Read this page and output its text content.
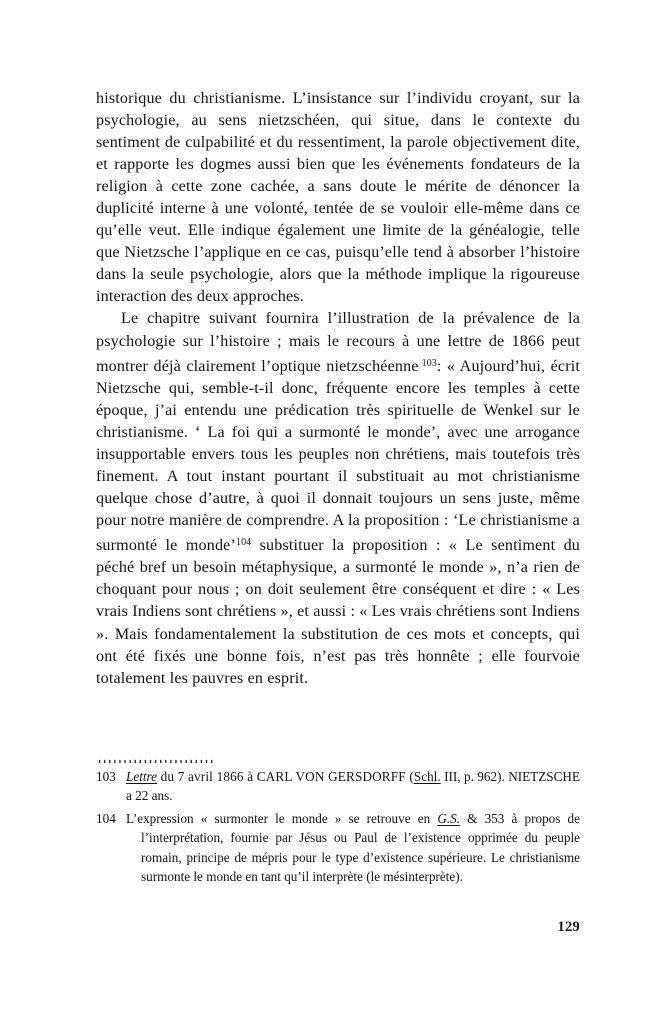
historique du christianisme. L’insistance sur l’individu croyant, sur la psychologie, au sens nietzschéen, qui situe, dans le contexte du sentiment de culpabilité et du ressentiment, la parole objectivement dite, et rapporte les dogmes aussi bien que les événements fondateurs de la religion à cette zone cachée, a sans doute le mérite de dénoncer la duplicité interne à une volonté, tentée de se vouloir elle-même dans ce qu’elle veut. Elle indique également une limite de la généalogie, telle que Nietzsche l’applique en ce cas, puisqu’elle tend à absorber l’histoire dans la seule psychologie, alors que la méthode implique la rigoureuse interaction des deux approches.

Le chapitre suivant fournira l’illustration de la prévalence de la psychologie sur l’histoire ; mais le recours à une lettre de 1866 peut montrer déjà clairement l’optique nietzschéenne $^{103}$: « Aujourd’hui, écrit Nietzsche qui, semble-t-il donc, fréquente encore les temples à cette époque, j’ai entendu une prédication très spirituelle de Wenkel sur le christianisme. ‘ La foi qui a surmonté le monde’, avec une arrogance insupportable envers tous les peuples non chrétiens, mais toutefois très finement. A tout instant pourtant il substituait au mot christianisme quelque chose d’autre, à quoi il donnait toujours un sens juste, même pour notre manière de comprendre. A la proposition : ‘Le christianisme a surmonté le monde’$^{104}$ substituer la proposition : « Le sentiment du péché bref un besoin métaphysique, a surmonté le monde », n’a rien de choquant pour nous ; on doit seulement être conséquent et dire : « Les vrais Indiens sont chrétiens », et aussi : « Les vrais chrétiens sont Indiens ». Mais fondamentalement la substitution de ces mots et concepts, qui ont été fixés une bonne fois, n’est pas très honnête ; elle fourvoie totalement les pauvres en esprit.

103 Lettre du 7 avril 1866 à CARL VON GERSDORFF (Schl. III, p. 962). NIETZSCHE a 22 ans.
104 L’expression « surmonter le monde » se retrouve en G.S. & 353 à propos de l’interprétation, fournie par Jésus ou Paul de l’existence opprimée du peuple romain, principe de mépris pour le type d’existence supérieure. Le christianisme surmonte le monde en tant qu’il interprète (le mésinterprète).
129
